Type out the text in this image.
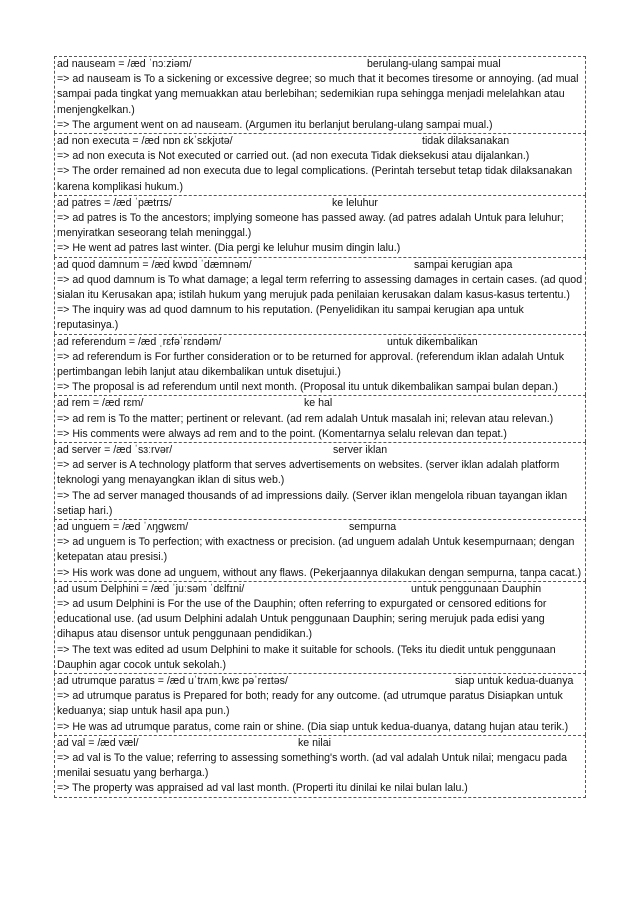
ad nauseam = /æd ˈnɔːziəm/	berulang-ulang sampai mual

=> ad nauseam is To a sickening or excessive degree; so much that it becomes tiresome or annoying. (ad mual sampai pada tingkat yang memuakkan atau berlebihan; sedemikian rupa sehingga menjadi melelahkan atau menjengkelkan.)

=> The argument went on ad nauseam. (Argumen itu berlanjut berulang-ulang sampai mual.)

ad non executa = /æd nɒn ɛkˈsɛkjʊtə/	tidak dilaksanakan

=> ad non executa is Not executed or carried out. (ad non executa Tidak dieksekusi atau dijalankan.)

=> The order remained ad non executa due to legal complications. (Perintah tersebut tetap tidak dilaksanakan karena komplikasi hukum.)

ad patres = /æd ˈpætrɪs/	ke leluhur

=> ad patres is To the ancestors; implying someone has passed away. (ad patres adalah Untuk para leluhur; menyiratkan seseorang telah meninggal.)

=> He went ad patres last winter. (Dia pergi ke leluhur musim dingin lalu.)

ad quod damnum = /æd kwɒd ˈdæmnəm/	sampai kerugian apa

=> ad quod damnum is To what damage; a legal term referring to assessing damages in certain cases. (ad quod sialan itu Kerusakan apa; istilah hukum yang merujuk pada penilaian kerusakan dalam kasus-kasus tertentu.)

=> The inquiry was ad quod damnum to his reputation. (Penyelidikan itu sampai kerugian apa untuk reputasinya.)

ad referendum = /æd ˌrɛfəˈrɛndəm/	untuk dikembalikan

=> ad referendum is For further consideration or to be returned for approval. (referendum iklan adalah Untuk pertimbangan lebih lanjut atau dikembalikan untuk disetujui.)

=> The proposal is ad referendum until next month. (Proposal itu untuk dikembalikan sampai bulan depan.)

ad rem = /æd rɛm/	ke hal

=> ad rem is To the matter; pertinent or relevant. (ad rem adalah Untuk masalah ini; relevan atau relevan.)

=> His comments were always ad rem and to the point. (Komentarnya selalu relevan dan tepat.)

ad server = /æd ˈsɜːrvər/	server iklan

=> ad server is A technology platform that serves advertisements on websites. (server iklan adalah platform teknologi yang menayangkan iklan di situs web.)

=> The ad server managed thousands of ad impressions daily. (Server iklan mengelola ribuan tayangan iklan setiap hari.)

ad unguem = /æd ˈʌŋɡwɛm/	sempurna

=> ad unguem is To perfection; with exactness or precision. (ad unguem adalah Untuk kesempurnaan; dengan ketepatan atau presisi.)

=> His work was done ad unguem, without any flaws. (Pekerjaannya dilakukan dengan sempurna, tanpa cacat.)

ad usum Delphini = /æd ˈjuːsəm ˈdɛlfɪni/	untuk penggunaan Dauphin

=> ad usum Delphini is For the use of the Dauphin; often referring to expurgated or censored editions for educational use. (ad usum Delphini adalah Untuk penggunaan Dauphin; sering merujuk pada edisi yang dihapus atau disensor untuk penggunaan pendidikan.)

=> The text was edited ad usum Delphini to make it suitable for schools. (Teks itu diedit untuk penggunaan Dauphin agar cocok untuk sekolah.)

ad utrumque paratus = /æd uˈtrʌmˌkwɛ pəˈreɪtəs/	siap untuk kedua-duanya

=> ad utrumque paratus is Prepared for both; ready for any outcome. (ad utrumque paratus Disiapkan untuk keduanya; siap untuk hasil apa pun.)

=> He was ad utrumque paratus, come rain or shine. (Dia siap untuk kedua-duanya, datang hujan atau terik.)

ad val = /æd væl/	ke nilai

=> ad val is To the value; referring to assessing something's worth. (ad val adalah Untuk nilai; mengacu pada menilai sesuatu yang berharga.)

=> The property was appraised ad val last month. (Properti itu dinilai ke nilai bulan lalu.)
